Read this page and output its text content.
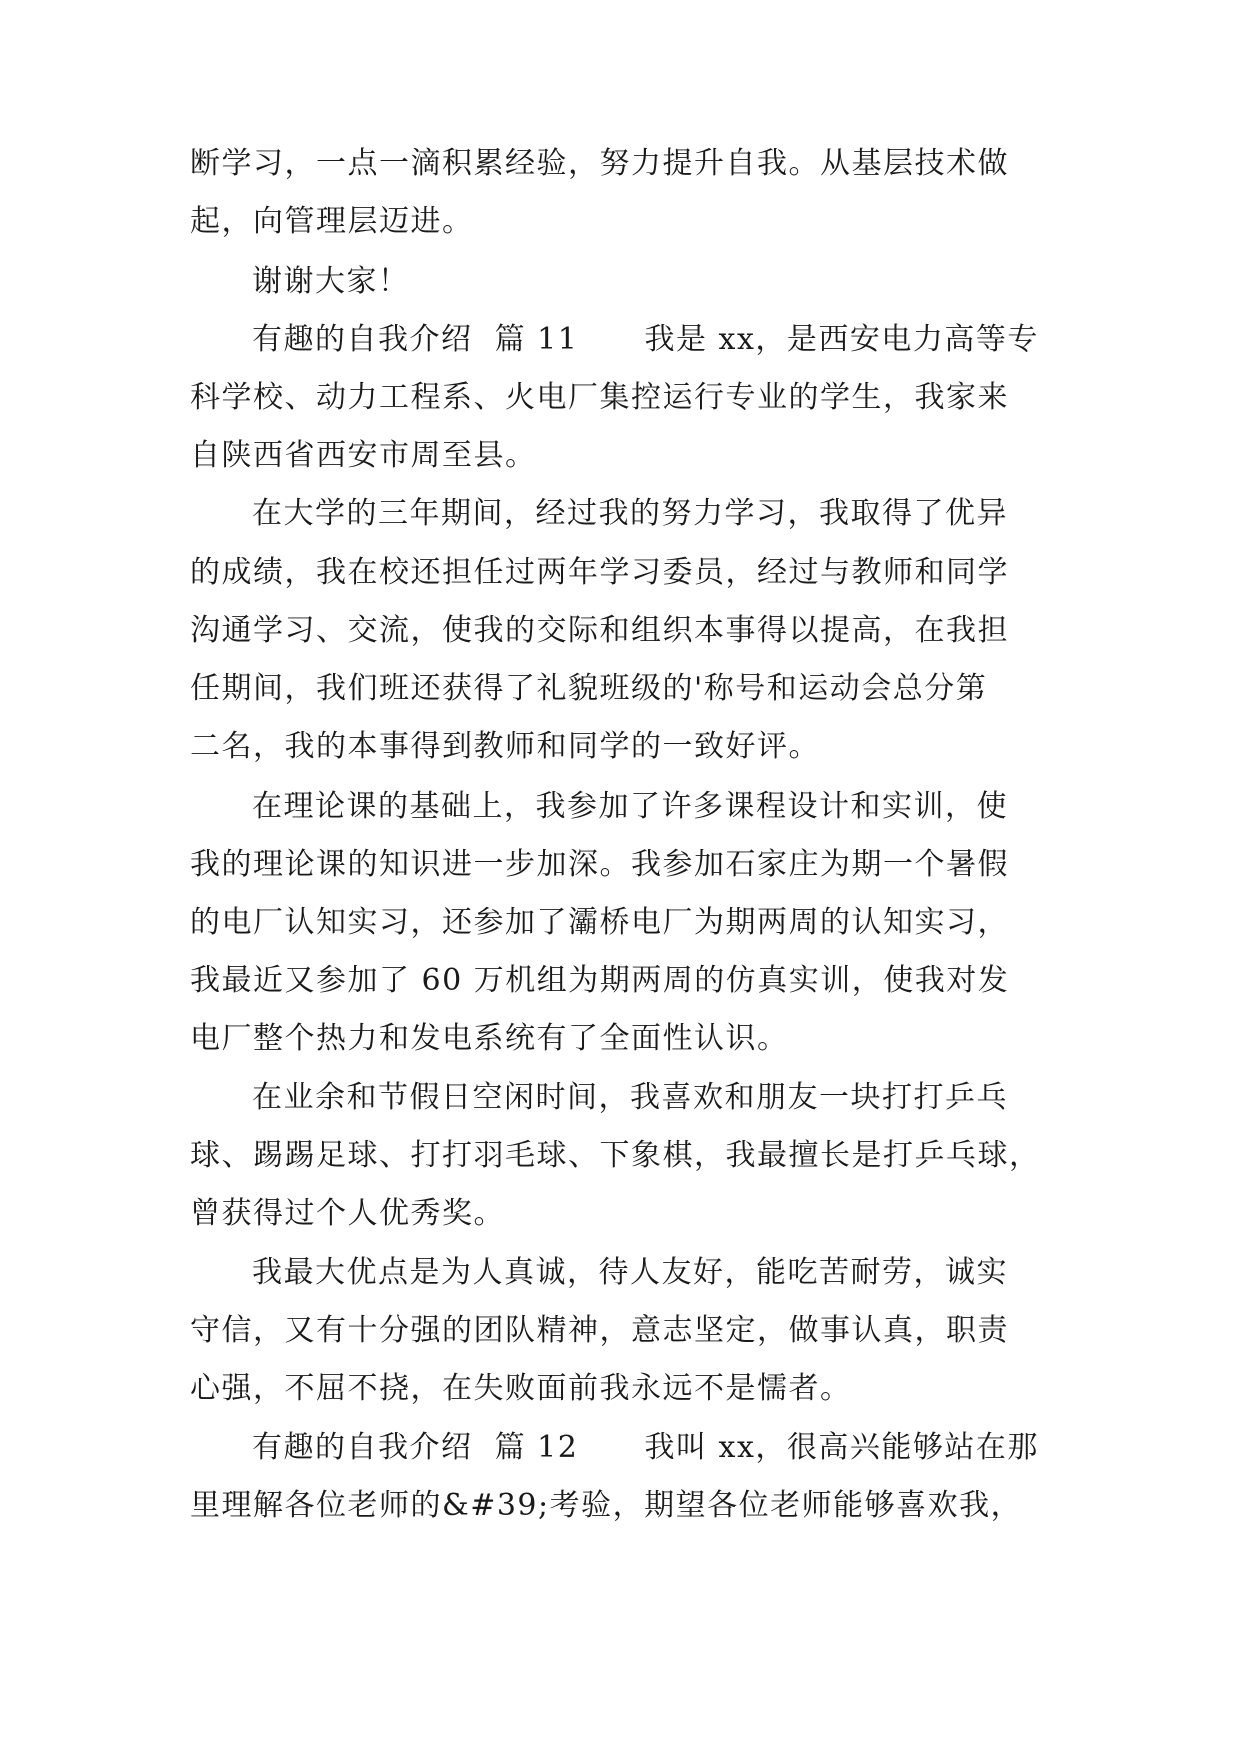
断学习，一点一滴积累经验，努力提升自我。从基层技术做
起，向管理层迈进。
谢谢大家！
有趣的自我介绍  篇 11      我是 xx，是西安电力高等专
科学校、动力工程系、火电厂集控运行专业的学生，我家来
自陕西省西安市周至县。
在大学的三年期间，经过我的努力学习，我取得了优异
的成绩，我在校还担任过两年学习委员，经过与教师和同学
沟通学习、交流，使我的交际和组织本事得以提高，在我担
任期间，我们班还获得了礼貌班级的'称号和运动会总分第
二名，我的本事得到教师和同学的一致好评。
在理论课的基础上，我参加了许多课程设计和实训，使
我的理论课的知识进一步加深。我参加石家庄为期一个暑假
的电厂认知实习，还参加了灞桥电厂为期两周的认知实习，
我最近又参加了 60 万机组为期两周的仿真实训，使我对发
电厂整个热力和发电系统有了全面性认识。
在业余和节假日空闲时间，我喜欢和朋友一块打打乒乓
球、踢踢足球、打打羽毛球、下象棋，我最擅长是打乒乓球，
曾获得过个人优秀奖。
我最大优点是为人真诚，待人友好，能吃苦耐劳，诚实
守信，又有十分强的团队精神，意志坚定，做事认真，职责
心强，不屈不挠，在失败面前我永远不是懦者。
有趣的自我介绍  篇 12      我叫 xx，很高兴能够站在那
里理解各位老师的&#39;考验，期望各位老师能够喜欢我，
